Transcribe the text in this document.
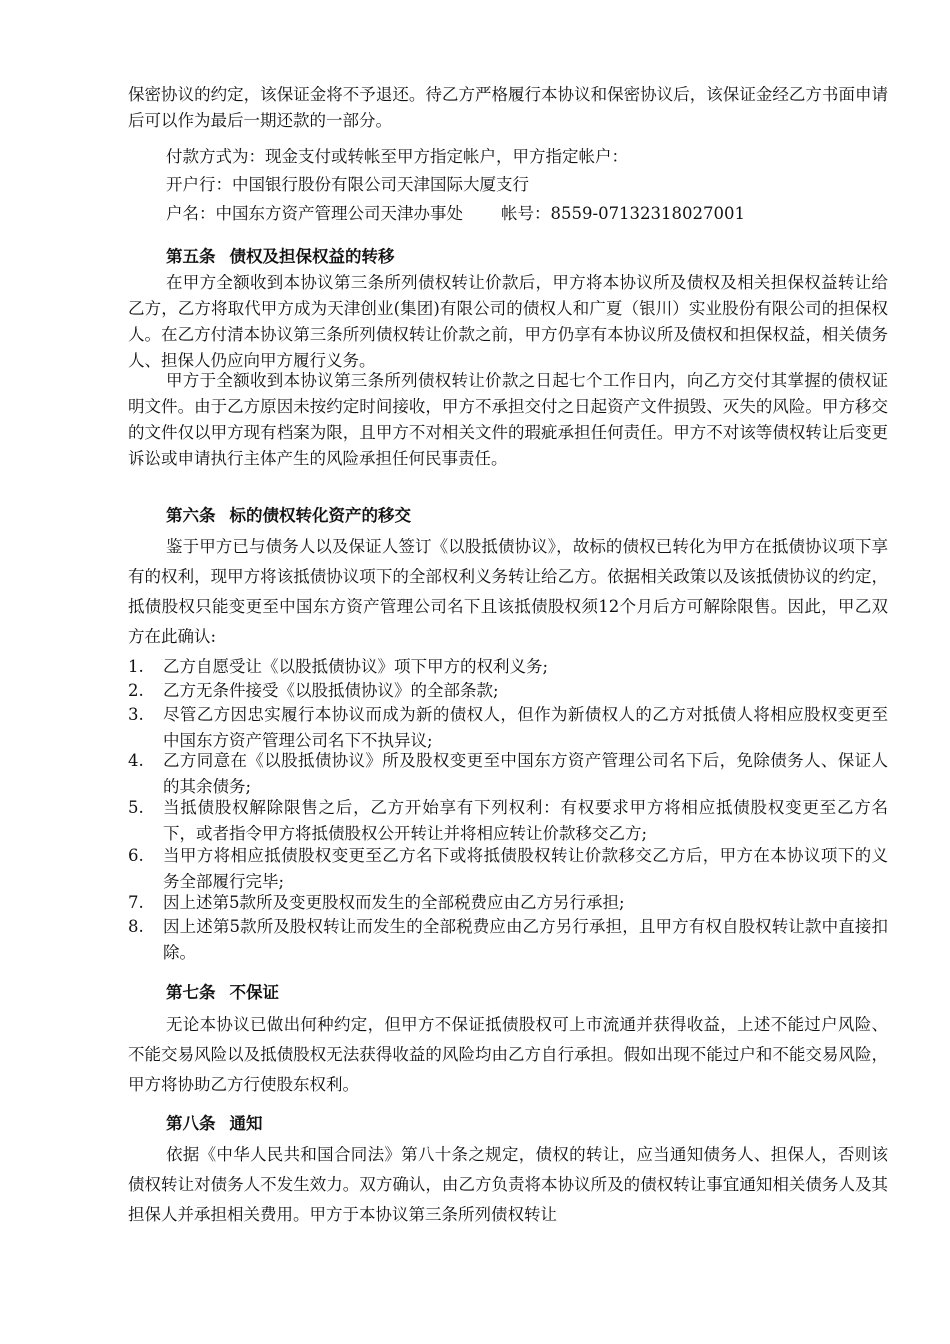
保密协议的约定，该保证金将不予退还。待乙方严格履行本协议和保密协议后，该保证金经乙方书面申请后可以作为最后一期还款的一部分。

付款方式为：现金支付或转帐至甲方指定帐户，甲方指定帐户：

开户行：中国银行股份有限公司天津国际大厦支行

户名：中国东方资产管理公司天津办事处 帐号：8559-07132318027001

第五条 债权及担保权益的转移

在甲方全额收到本协议第三条所列债权转让价款后，甲方将本协议所及债权及相关担保权益转让给乙方，乙方将取代甲方成为天津创业(集团)有限公司的债权人和广夏（银川）实业股份有限公司的担保权人。在乙方付清本协议第三条所列债权转让价款之前，甲方仍享有本协议所及债权和担保权益，相关债务人、担保人仍应向甲方履行义务。

甲方于全额收到本协议第三条所列债权转让价款之日起七个工作日内，向乙方交付其掌握的债权证明文件。由于乙方原因未按约定时间接收，甲方不承担交付之日起资产文件损毁、灭失的风险。甲方移交的文件仅以甲方现有档案为限，且甲方不对相关文件的瑕疵承担任何责任。甲方不对该等债权转让后变更诉讼或申请执行主体产生的风险承担任何民事责任。

第六条 标的债权转化资产的移交

鉴于甲方已与债务人以及保证人签订《以股抵债协议》，故标的债权已转化为甲方在抵债协议项下享有的权利，现甲方将该抵债协议项下的全部权利义务转让给乙方。依据相关政策以及该抵债协议的约定，抵债股权只能变更至中国东方资产管理公司名下且该抵债股权须12个月后方可解除限售。因此，甲乙双方在此确认:

1.	乙方自愿受让《以股抵债协议》项下甲方的权利义务;
2.	乙方无条件接受《以股抵债协议》的全部条款;
3.	尽管乙方因忠实履行本协议而成为新的债权人，但作为新债权人的乙方对抵债人将相应股权变更至中国东方资产管理公司名下不执异议;
4.	乙方同意在《以股抵债协议》所及股权变更至中国东方资产管理公司名下后，免除债务人、保证人的其余债务;
5.	当抵债股权解除限售之后，乙方开始享有下列权利：有权要求甲方将相应抵债股权变更至乙方名下，或者指令甲方将抵债股权公开转让并将相应转让价款移交乙方;
6.	当甲方将相应抵债股权变更至乙方名下或将抵债股权转让价款移交乙方后，甲方在本协议项下的义务全部履行完毕;
7.	因上述第5款所及变更股权而发生的全部税费应由乙方另行承担;
8.	因上述第5款所及股权转让而发生的全部税费应由乙方另行承担，且甲方有权自股权转让款中直接扣除。
第七条 不保证

无论本协议已做出何种约定，但甲方不保证抵债股权可上市流通并获得收益，上述不能过户风险、不能交易风险以及抵债股权无法获得收益的风险均由乙方自行承担。假如出现不能过户和不能交易风险，甲方将协助乙方行使股东权利。

第八条 通知

依据《中华人民共和国合同法》第八十条之规定，债权的转让，应当通知债务人、担保人，否则该债权转让对债务人不发生效力。双方确认，由乙方负责将本协议所及的债权转让事宜通知相关债务人及其担保人并承担相关费用。甲方于本协议第三条所列债权转让
